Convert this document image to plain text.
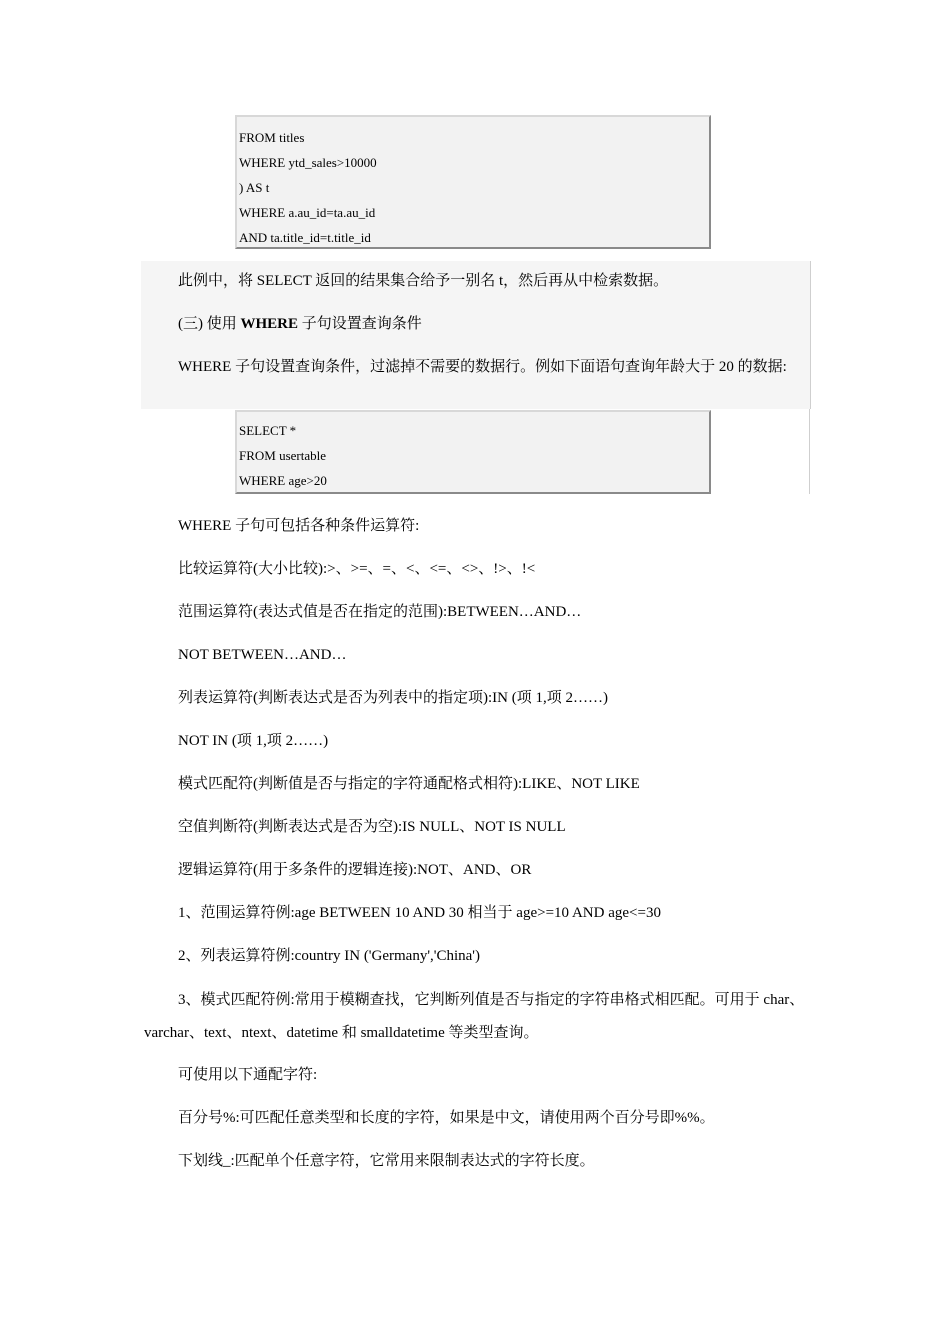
FROM titles
WHERE ytd_sales>10000
) AS t
WHERE a.au_id=ta.au_id
AND ta.title_id=t.title_id
此例中，将 SELECT 返回的结果集合给予一别名 t，然后再从中检索数据。
(三) 使用 WHERE 子句设置查询条件
WHERE 子句设置查询条件，过滤掉不需要的数据行。例如下面语句查询年龄大于 20 的数据:
SELECT *
FROM usertable
WHERE age>20
WHERE 子句可包括各种条件运算符:
比较运算符(大小比较):>、>=、=、<、<=、<>、!>、!<
范围运算符(表达式值是否在指定的范围):BETWEEN…AND…
NOT BETWEEN…AND…
列表运算符(判断表达式是否为列表中的指定项):IN (项 1,项 2……)
NOT IN (项 1,项 2……)
模式匹配符(判断值是否与指定的字符通配格式相符):LIKE、NOT LIKE
空值判断符(判断表达式是否为空):IS NULL、NOT IS NULL
逻辑运算符(用于多条件的逻辑连接):NOT、AND、OR
1、范围运算符例:age BETWEEN 10 AND 30 相当于 age>=10 AND age<=30
2、列表运算符例:country IN ('Germany','China')
3、模式匹配符例:常用于模糊查找，它判断列值是否与指定的字符串格式相匹配。可用于 char、varchar、text、ntext、datetime 和 smalldatetime 等类型查询。
可使用以下通配字符:
百分号%:可匹配任意类型和长度的字符，如果是中文，请使用两个百分号即%%。
下划线_:匹配单个任意字符，它常用来限制表达式的字符长度。
